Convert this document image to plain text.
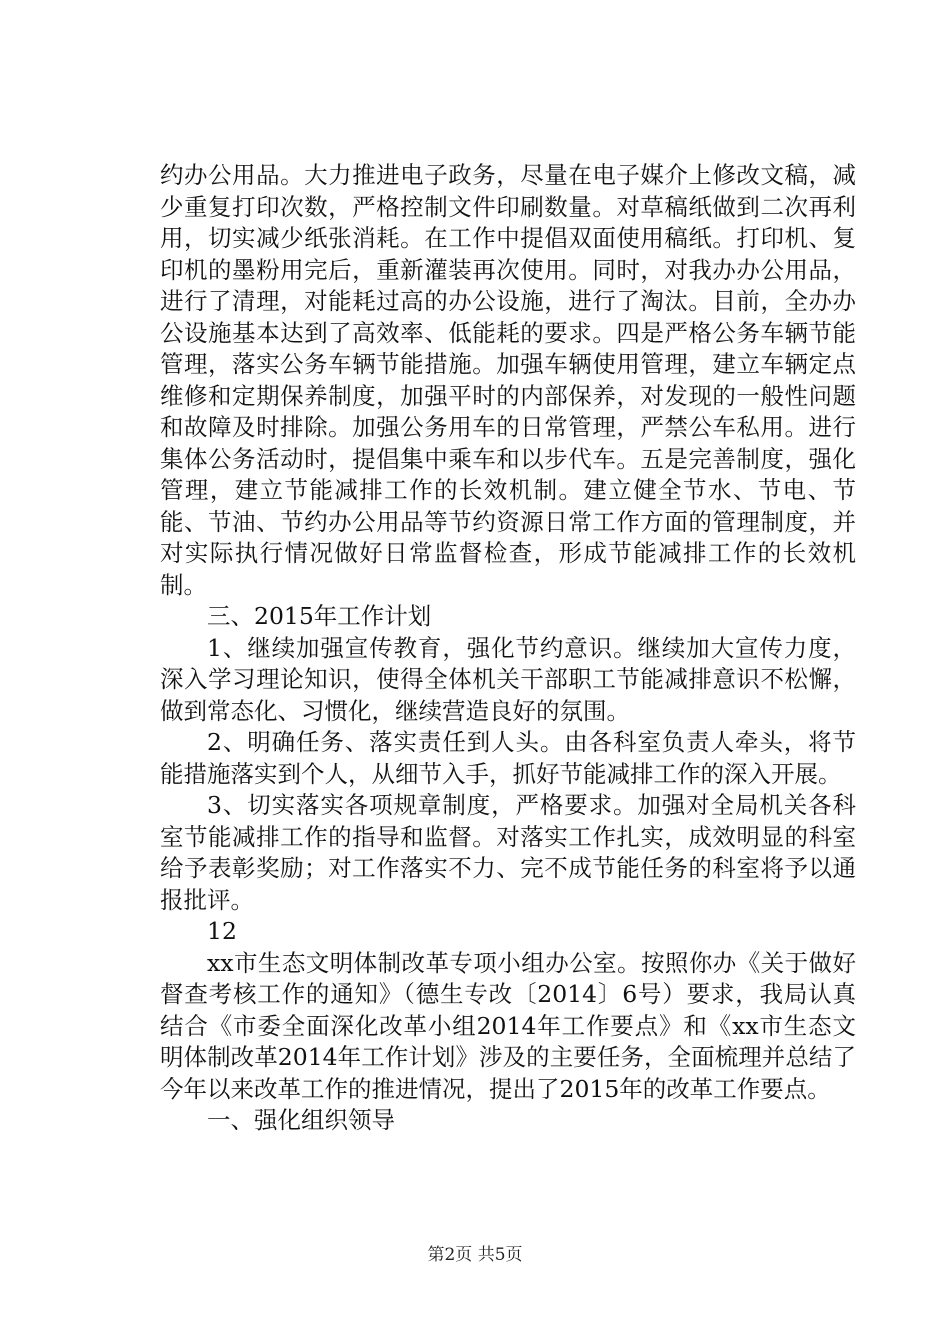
约办公用品。大力推进电子政务，尽量在电子媒介上修改文稿，减少重复打印次数，严格控制文件印刷数量。对草稿纸做到二次再利用，切实减少纸张消耗。在工作中提倡双面使用稿纸。打印机、复印机的墨粉用完后，重新灌装再次使用。同时，对我办办公用品，进行了清理，对能耗过高的办公设施，进行了淘汰。目前，全办办公设施基本达到了高效率、低能耗的要求。四是严格公务车辆节能管理，落实公务车辆节能措施。加强车辆使用管理，建立车辆定点维修和定期保养制度，加强平时的内部保养，对发现的一般性问题和故障及时排除。加强公务用车的日常管理，严禁公车私用。进行集体公务活动时，提倡集中乘车和以步代车。五是完善制度，强化管理，建立节能减排工作的长效机制。建立健全节水、节电、节能、节油、节约办公用品等节约资源日常工作方面的管理制度，并对实际执行情况做好日常监督检查，形成节能减排工作的长效机制。

三、2015年工作计划

1、继续加强宣传教育，强化节约意识。继续加大宣传力度，深入学习理论知识，使得全体机关干部职工节能减排意识不松懈，做到常态化、习惯化，继续营造良好的氛围。

2、明确任务、落实责任到人头。由各科室负责人牵头，将节能措施落实到个人，从细节入手，抓好节能减排工作的深入开展。

3、切实落实各项规章制度，严格要求。加强对全局机关各科室节能减排工作的指导和监督。对落实工作扎实，成效明显的科室给予表彰奖励；对工作落实不力、完不成节能任务的科室将予以通报批评。

12

xx市生态文明体制改革专项小组办公室。按照你办《关于做好督查考核工作的通知》（德生专改〔2014〕6号）要求，我局认真结合《市委全面深化改革小组2014年工作要点》和《xx市生态文明体制改革2014年工作计划》涉及的主要任务，全面梳理并总结了今年以来改革工作的推进情况，提出了2015年的改革工作要点。

一、强化组织领导

第2页 共5页
